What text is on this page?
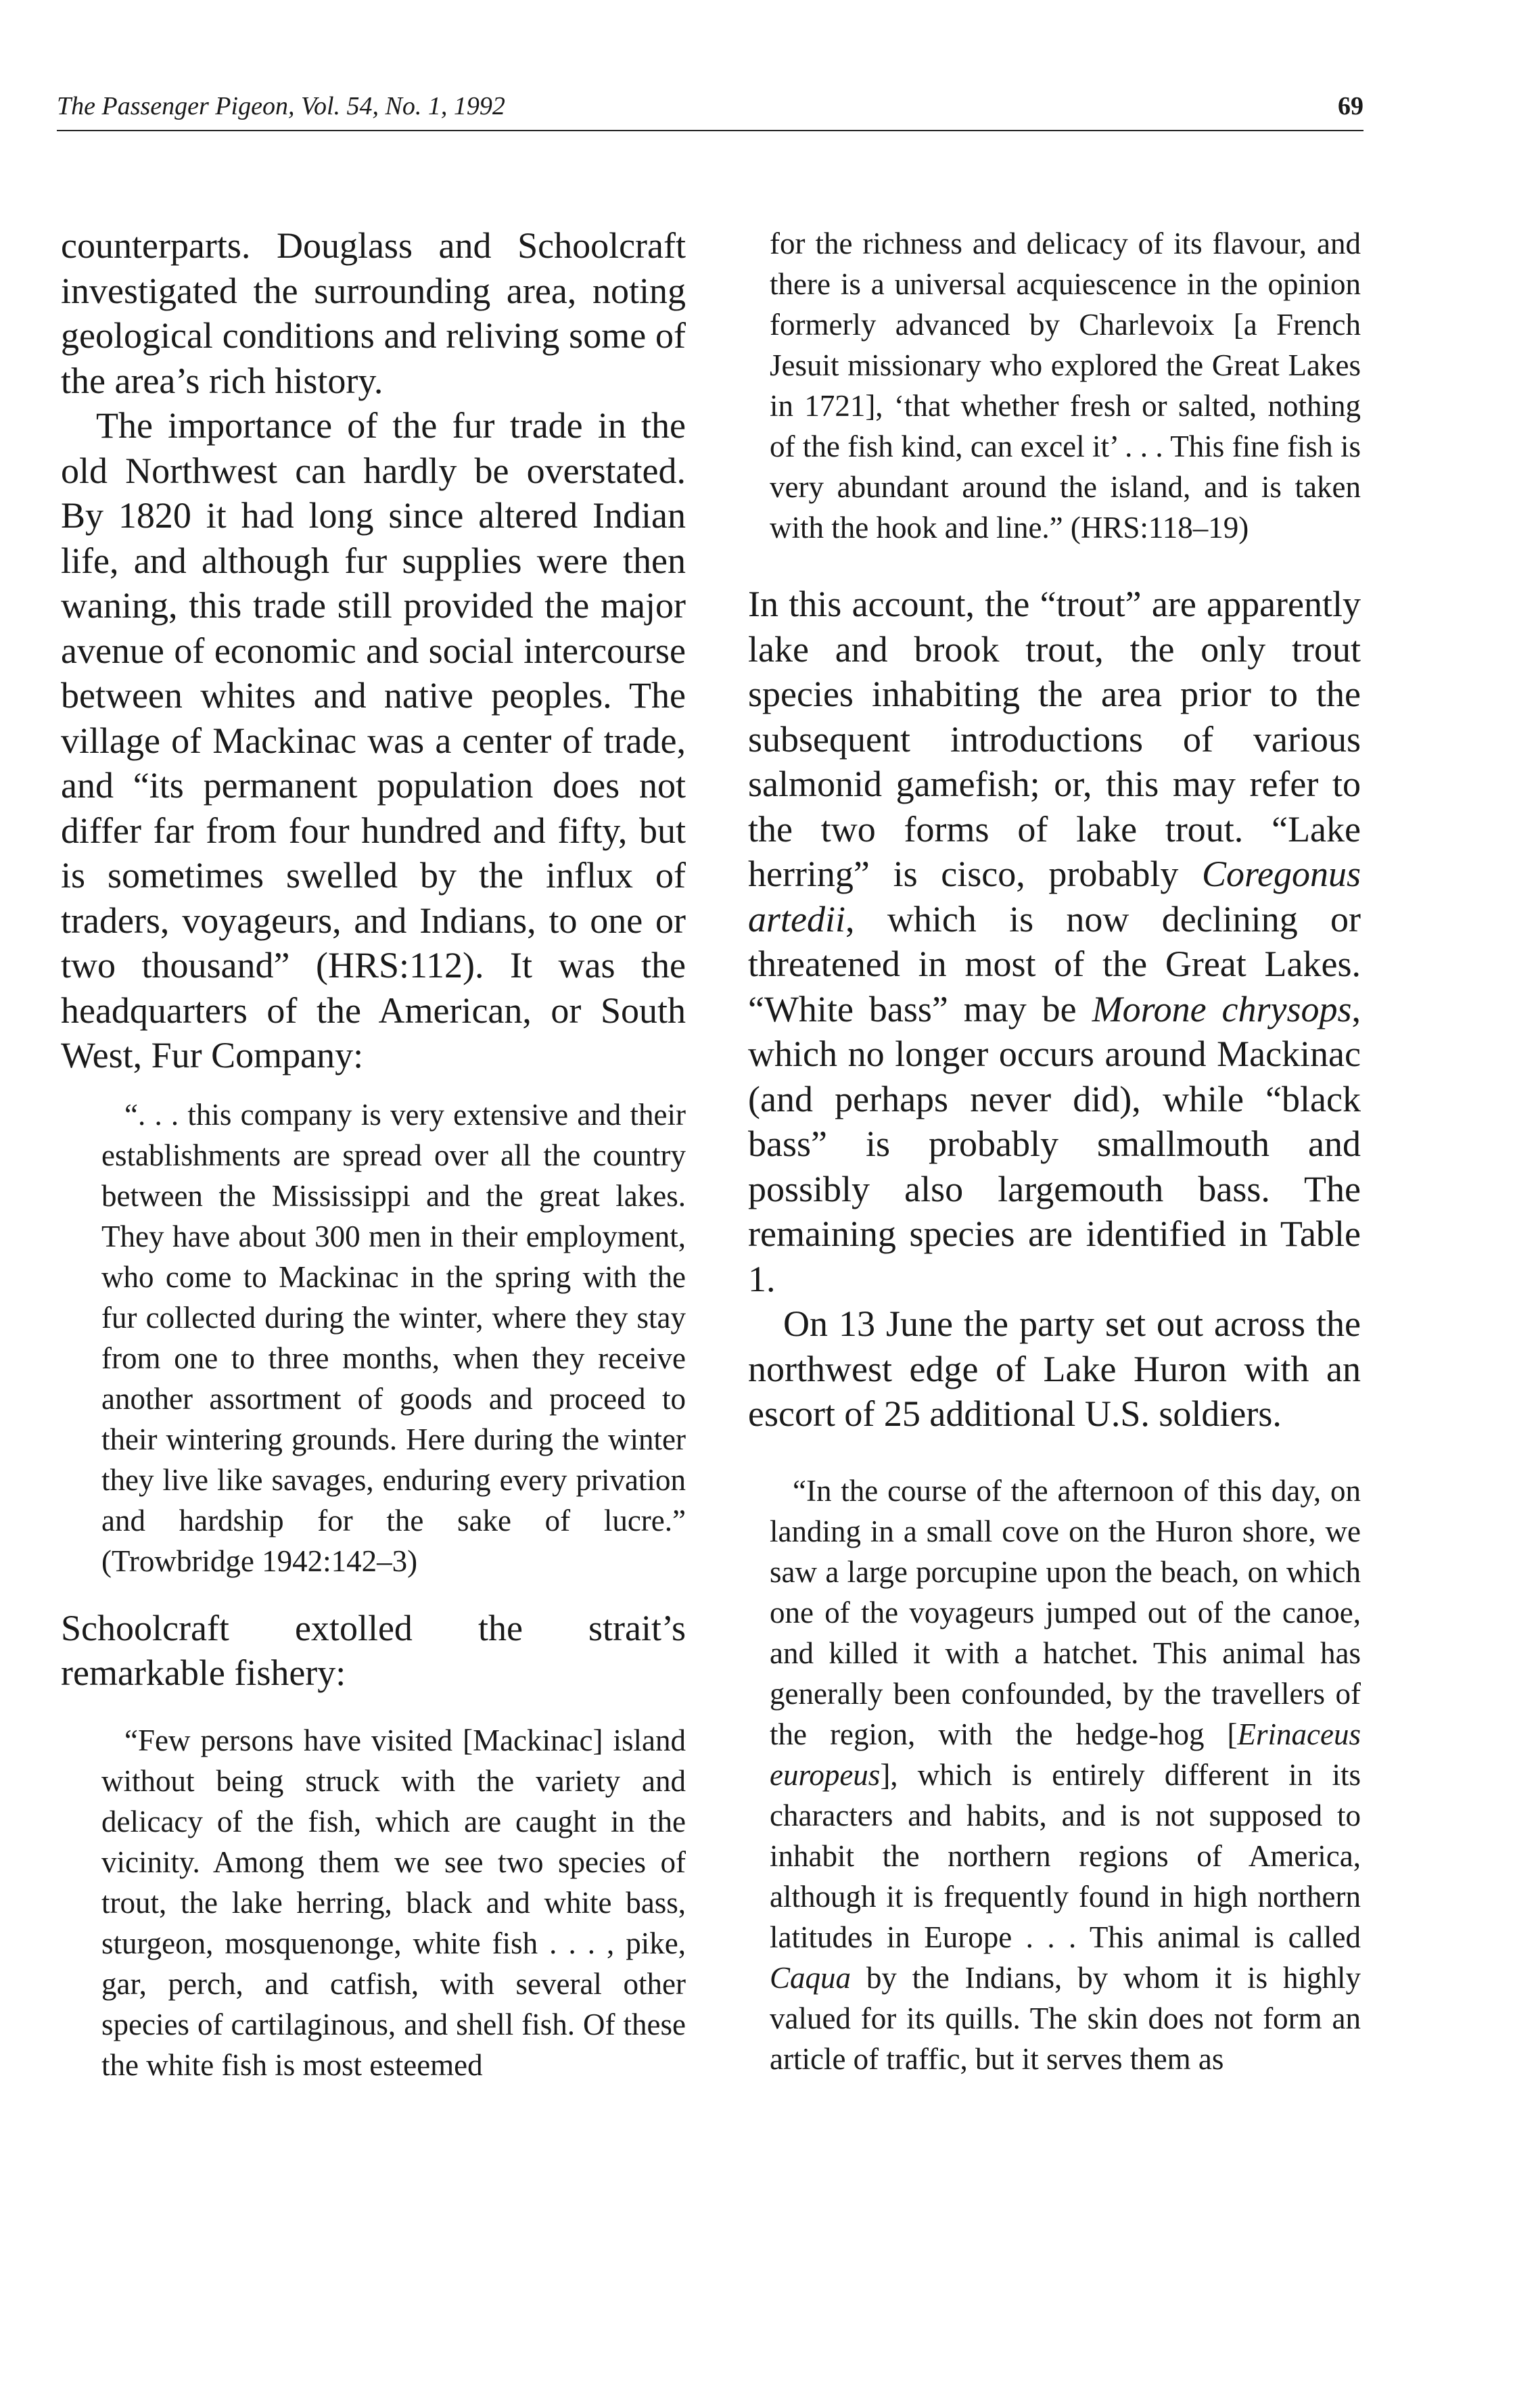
The Passenger Pigeon, Vol. 54, No. 1, 1992	69

counterparts. Douglass and Schoolcraft investigated the surrounding area, noting geological conditions and reliving some of the area’s rich history.

The importance of the fur trade in the old Northwest can hardly be overstated. By 1820 it had long since altered Indian life, and although fur supplies were then waning, this trade still provided the major avenue of economic and social intercourse between whites and native peoples. The village of Mackinac was a center of trade, and “its permanent population does not differ far from four hundred and fifty, but is sometimes swelled by the influx of traders, voyageurs, and Indians, to one or two thousand” (HRS:112). It was the headquarters of the American, or South West, Fur Company:

“. . . this company is very extensive and their establishments are spread over all the country between the Mississippi and the great lakes. They have about 300 men in their employment, who come to Mackinac in the spring with the fur collected during the winter, where they stay from one to three months, when they receive another assortment of goods and proceed to their wintering grounds. Here during the winter they live like savages, enduring every privation and hardship for the sake of lucre.” (Trowbridge 1942:142–3)

Schoolcraft extolled the strait’s remarkable fishery:

“Few persons have visited [Mackinac] island without being struck with the variety and delicacy of the fish, which are caught in the vicinity. Among them we see two species of trout, the lake herring, black and white bass, sturgeon, mosquenonge, white fish . . . , pike, gar, perch, and catfish, with several other species of cartilaginous, and shell fish. Of these the white fish is most esteemed

for the richness and delicacy of its flavour, and there is a universal acquiescence in the opinion formerly advanced by Charlevoix [a French Jesuit missionary who explored the Great Lakes in 1721], ‘that whether fresh or salted, nothing of the fish kind, can excel it’ . . . This fine fish is very abundant around the island, and is taken with the hook and line.” (HRS:118–19)

In this account, the “trout” are apparently lake and brook trout, the only trout species inhabiting the area prior to the subsequent introductions of various salmonid gamefish; or, this may refer to the two forms of lake trout. “Lake herring” is cisco, probably Coregonus artedii, which is now declining or threatened in most of the Great Lakes. “White bass” may be Morone chrysops, which no longer occurs around Mackinac (and perhaps never did), while “black bass” is probably smallmouth and possibly also largemouth bass. The remaining species are identified in Table 1.

On 13 June the party set out across the northwest edge of Lake Huron with an escort of 25 additional U.S. soldiers.

“In the course of the afternoon of this day, on landing in a small cove on the Huron shore, we saw a large porcupine upon the beach, on which one of the voyageurs jumped out of the canoe, and killed it with a hatchet. This animal has generally been confounded, by the travellers of the region, with the hedge-hog [Erinaceus europeus], which is entirely different in its characters and habits, and is not supposed to inhabit the northern regions of America, although it is frequently found in high northern latitudes in Europe . . . This animal is called Caqua by the Indians, by whom it is highly valued for its quills. The skin does not form an article of traffic, but it serves them as
